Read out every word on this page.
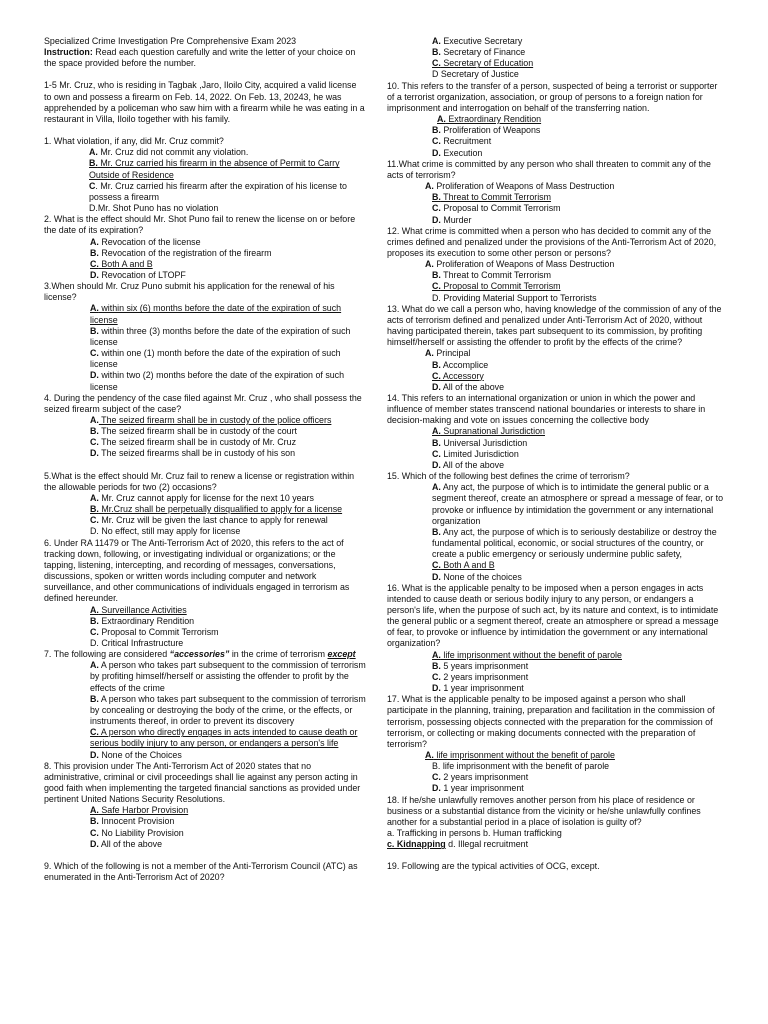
Specialized Crime Investigation Pre Comprehensive Exam 2023

Instruction: Read each question carefully and write the letter of your choice on the space provided before the number.

1-5 Mr. Cruz, who is residing in Tagbak ,Jaro, Iloilo City, acquired a valid license to own and possess a firearm on Feb. 14, 2022. On Feb. 13, 20243, he was apprehended by a policeman who saw him with a firearm while he was eating in a restaurant in Villa, Iloilo together with his family.

1. What violation, if any, did Mr. Cruz commit?

A. Mr. Cruz did not commit any violation.

B. Mr. Cruz carried his firearm in the absence of Permit to Carry Outside of Residence

C. Mr. Cruz carried his firearm after the expiration of his license to possess a firearm

D.Mr. Shot Puno has no violation

2. What is the effect should Mr. Shot Puno fail to renew the license on or before the date of its expiration?

A. Revocation of the license

B. Revocation of the registration of the firearm

C. Both A and B

D. Revocation of LTOPF

3.When should Mr. Cruz Puno submit his application for the renewal of his license?

A. within six (6) months before the date of the expiration of such license

B. within three (3) months before the date of the expiration of such license

C. within one (1) month before the date of the expiration of such license

D. within two (2) months before the date of the expiration of such license

4. During the pendency of the case filed against Mr. Cruz , who shall possess the seized firearm subject of the case?

A. The seized firearm shall be in custody of the police officers

B. The seized firearm shall be in custody of the court

C. The seized firearm shall be in custody of Mr. Cruz

D. The seized firearms shall be in custody of his son

5.What is the effect should Mr. Cruz fail to renew a license or registration within the allowable periods for two (2) occasions?

A. Mr. Cruz cannot apply for license for the next 10 years

B. Mr.Cruz shall be perpetually disqualified to apply for a license

C. Mr. Cruz will be given the last chance to apply for renewal

D. No effect, still may apply for license

6. Under RA 11479 or The Anti-Terrorism Act of 2020, this refers to the act of tracking down, following, or investigating individual or organizations; or the tapping, listening, intercepting, and recording of messages, conversations, discussions, spoken or written words including computer and network surveillance, and other communications of individuals engaged in terrorism as defined hereunder.

A. Surveillance Activities

B. Extraordinary Rendition

C. Proposal to Commit Terrorism

D. Critical Infrastructure

7. The following are considered “accessories” in the crime of terrorism except

A. A person who takes part subsequent to the commission of terrorism by profiting himself/herself or assisting the offender to profit by the effects of the crime

B. A person who takes part subsequent to the commission of terrorism by concealing or destroying the body of the crime, or the effects, or instruments thereof, in order to prevent its discovery

C. A person who directly engages in acts intended to cause death or serious bodily injury to any person, or endangers a person's life

D. None of the Choices

8. This provision under The Anti-Terrorism Act of 2020 states that no administrative, criminal or civil proceedings shall lie against any person acting in good faith when implementing the targeted financial sanctions as provided under pertinent United Nations Security Resolutions.

A. Safe Harbor Provision

B. Innocent Provision

C. No Liability Provision

D. All of the above

9. Which of the following is not a member of the Anti-Terrorism Council (ATC) as enumerated in the Anti-Terrorism Act of 2020?

A. Executive Secretary

B. Secretary of Finance

C. Secretary of Education

D Secretary of Justice

10. This refers to the transfer of a person, suspected of being a terrorist or supporter of a terrorist organization, association, or group of persons to a foreign nation for imprisonment and interrogation on behalf of the transferring nation.

A. Extraordinary Rendition

B. Proliferation of Weapons

C. Recruitment

D. Execution

11.What crime is committed by any person who shall threaten to commit any of the acts of terrorism?

A. Proliferation of Weapons of Mass Destruction

B. Threat to Commit Terrorism

C. Proposal to Commit Terrorism

D. Murder

12. What crime is committed when a person who has decided to commit any of the crimes defined and penalized under the provisions of the Anti-Terrorism Act of 2020, proposes its execution to some other person or persons?

A. Proliferation of Weapons of Mass Destruction

B. Threat to Commit Terrorism

C. Proposal to Commit Terrorism

D. Providing Material Support to Terrorists

13. What do we call a person who, having knowledge of the commission of any of the acts of terrorism defined and penalized under Anti-Terrorism Act of 2020, without having participated therein, takes part subsequent to its commission, by profiting himself/herself or assisting the offender to profit by the effects of the crime?

A. Principal

B. Accomplice

C. Accessory

D. All of the above

14. This refers to an international organization or union in which the power and influence of member states transcend national boundaries or interests to share in decision-making and vote on issues concerning the collective body

A. Supranational Jurisdiction

B. Universal Jurisdiction

C. Limited Jurisdiction

D. All of the above

15. Which of the following best defines the crime of terrorism?

A. Any act, the purpose of which is to intimidate the general public or a segment thereof, create an atmosphere or spread a message of fear, or to provoke or influence by intimidation the government or any international organization

B. Any act, the purpose of which is to seriously destabilize or destroy the fundamental political, economic, or social structures of the country, or create a public emergency or seriously undermine public safety,

C. Both A and B

D. None of the choices

16. What is the applicable penalty to be imposed when a person engages in acts intended to cause death or serious bodily injury to any person, or endangers a person's life, when the purpose of such act, by its nature and context, is to intimidate the general public or a segment thereof, create an atmosphere or spread a message of fear, to provoke or influence by intimidation the government or any international organization?

A. life imprisonment without the benefit of parole

B. 5 years imprisonment

C. 2 years imprisonment

D. 1 year imprisonment

17. What is the applicable penalty to be imposed against a person who shall participate in the planning, training, preparation and facilitation in the commission of terrorism, possessing objects connected with the preparation for the commission of terrorism, or collecting or making documents connected with the preparation of terrorism?

A. life imprisonment without the benefit of parole

B. life imprisonment with the benefit of parole

C. 2 years imprisonment

D. 1 year imprisonment

18. If he/she unlawfully removes another person from his place of residence or business or a substantial distance from the vicinity or he/she unlawfully confines another for a substantial period in a place of isolation is guilty of?

a. Trafficking in persons b. Human trafficking

c. Kidnapping d. Illegal recruitment

19. Following are the typical activities of OCG, except.
